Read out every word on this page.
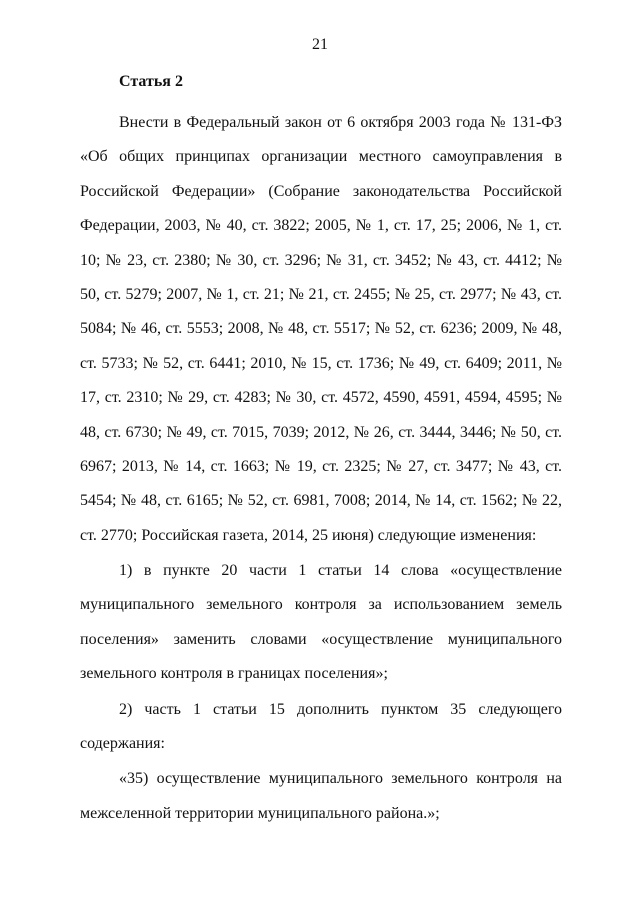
21
Статья 2

Внести в Федеральный закон от 6 октября 2003 года № 131-ФЗ «Об общих принципах организации местного самоуправления в Российской Федерации» (Собрание законодательства Российской Федерации, 2003, № 40, ст. 3822; 2005, № 1, ст. 17, 25; 2006, № 1, ст. 10; № 23, ст. 2380; № 30, ст. 3296; № 31, ст. 3452; № 43, ст. 4412; № 50, ст. 5279; 2007, № 1, ст. 21; № 21, ст. 2455; № 25, ст. 2977; № 43, ст. 5084; № 46, ст. 5553; 2008, № 48, ст. 5517; № 52, ст. 6236; 2009, № 48, ст. 5733; № 52, ст. 6441; 2010, № 15, ст. 1736; № 49, ст. 6409; 2011, № 17, ст. 2310; № 29, ст. 4283; № 30, ст. 4572, 4590, 4591, 4594, 4595; № 48, ст. 6730; № 49, ст. 7015, 7039; 2012, № 26, ст. 3444, 3446; № 50, ст. 6967; 2013, № 14, ст. 1663; № 19, ст. 2325; № 27, ст. 3477; № 43, ст. 5454; № 48, ст. 6165; № 52, ст. 6981, 7008; 2014, № 14, ст. 1562; № 22, ст. 2770; Российская газета, 2014, 25 июня) следующие изменения:

1) в пункте 20 части 1 статьи 14 слова «осуществление муниципального земельного контроля за использованием земель поселения» заменить словами «осуществление муниципального земельного контроля в границах поселения»;

2) часть 1 статьи 15 дополнить пунктом 35 следующего содержания:

«35) осуществление муниципального земельного контроля на межселенной территории муниципального района.»;
